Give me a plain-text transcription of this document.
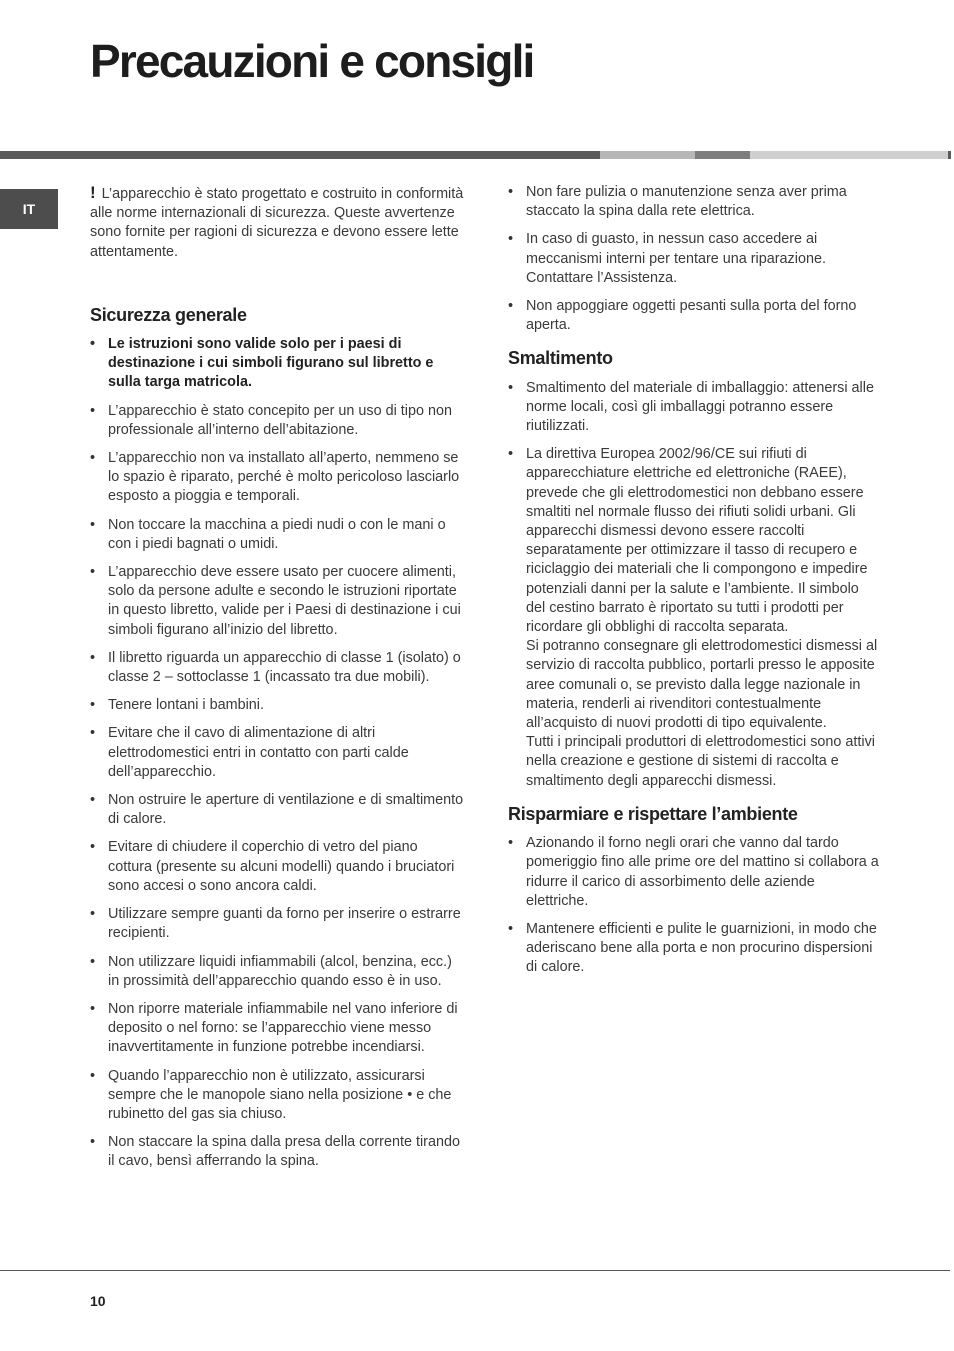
Precauzioni e consigli
IT

! L’apparecchio è stato progettato e costruito in conformità alle norme internazionali di sicurezza. Queste avvertenze sono fornite per ragioni di sicurezza e devono essere lette attentamente.

Sicurezza generale
• Le istruzioni sono valide solo per i paesi di destinazione i cui simboli figurano sul libretto e sulla targa matricola.
• L’apparecchio è stato concepito per un uso di tipo non professionale all’interno dell’abitazione.
• L’apparecchio non va installato all’aperto, nemmeno se lo spazio è riparato, perché è molto pericoloso lasciarlo esposto a pioggia e temporali.
• Non toccare la macchina a piedi nudi o con le mani o con i piedi bagnati o umidi.
• L’apparecchio deve essere usato per cuocere alimenti, solo da persone adulte e secondo le istruzioni riportate in questo libretto, valide per i Paesi di destinazione i cui simboli figurano all’inizio del libretto.
• Il libretto riguarda un apparecchio di classe 1 (isolato) o classe 2 – sottoclasse 1 (incassato tra due mobili).
• Tenere lontani i bambini.
• Evitare che il cavo di alimentazione di altri elettrodomestici entri in contatto con parti calde dell’apparecchio.
• Non ostruire le aperture di ventilazione e di smaltimento di calore.
• Evitare di chiudere il coperchio di vetro del piano cottura (presente su alcuni modelli) quando i bruciatori sono accesi o sono ancora caldi.
• Utilizzare sempre guanti da forno per inserire o estrarre recipienti.
• Non utilizzare liquidi infiammabili (alcol, benzina, ecc.) in prossimità dell’apparecchio quando esso è in uso.
• Non riporre materiale infiammabile nel vano inferiore di deposito o nel forno: se l’apparecchio viene messo inavvertitamente in funzione potrebbe incendiarsi.
• Quando l’apparecchio non è utilizzato, assicurarsi sempre che le manopole siano nella posizione • e che rubinetto del gas sia chiuso.
• Non staccare la spina dalla presa della corrente tirando il cavo, bensì afferrando la spina.
• Non fare pulizia o manutenzione senza aver prima staccato la spina dalla rete elettrica.
• In caso di guasto, in nessun caso accedere ai meccanismi interni per tentare una riparazione. Contattare l’Assistenza.
• Non appoggiare oggetti pesanti sulla porta del forno aperta.
Smaltimento
• Smaltimento del materiale di imballaggio: attenersi alle norme locali, così gli imballaggi potranno essere riutilizzati.
• La direttiva Europea 2002/96/CE sui rifiuti di apparecchiature elettriche ed elettroniche (RAEE), prevede che gli elettrodomestici non debbano essere smaltiti nel normale flusso dei rifiuti solidi urbani. Gli apparecchi dismessi devono essere raccolti separatamente per ottimizzare il tasso di recupero e riciclaggio dei materiali che li compongono e impedire potenziali danni per la salute e l’ambiente. Il simbolo del cestino barrato è riportato su tutti i prodotti per ricordare gli obblighi di raccolta separata.
Si potranno consegnare gli elettrodomestici dismessi al servizio di raccolta pubblico, portarli presso le apposite aree comunali o, se previsto dalla legge nazionale in materia, renderli ai rivenditori contestualmente all’acquisto di nuovi prodotti di tipo equivalente.
Tutti i principali produttori di elettrodomestici sono attivi nella creazione e gestione di sistemi di raccolta e smaltimento degli apparecchi dismessi.
Risparmiare e rispettare l’ambiente
• Azionando il forno negli orari che vanno dal tardo pomeriggio fino alle prime ore del mattino si collabora a ridurre il carico di assorbimento delle aziende elettriche.
• Mantenere efficienti e pulite le guarnizioni, in modo che aderiscano bene alla porta e non procurino dispersioni di calore.
10
